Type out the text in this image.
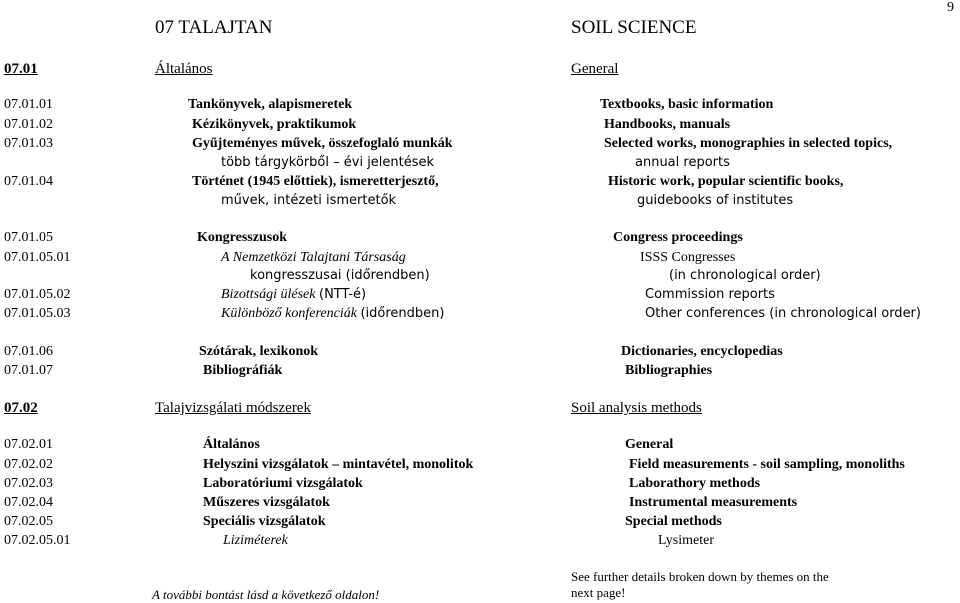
9
07 TALAJTAN	SOIL SCIENCE
07.01	Általános	General
07.01.01	Tankönyvek, alapismeretek	Textbooks, basic information
07.01.02	Kézikönyvek, praktikumok	Handbooks, manuals
07.01.03	Gyűjteményes művek, összefoglaló munkák	Selected works, monographies in selected topics,
több tárgykörből – évi jelentések	annual reports
07.01.04	Történet (1945 előttiek), ismeretterjesztő,	Historic work, popular scientific books,
művek, intézeti ismertetők	guidebooks of institutes
07.01.05	Kongresszusok	Congress proceedings
07.01.05.01	A Nemzetközi Talajtani Társaság	ISSS Congresses
kongresszusai (időrendben)	(in chronological order)
07.01.05.02	Bizottsági ülések (NTT-é)	Commission reports
07.01.05.03	Különböző konferenciák (időrendben)	Other conferences (in chronological order)
07.01.06	Szótárak, lexikonok	Dictionaries, encyclopedias
07.01.07	Bibliográfiák	Bibliographies
07.02	Talajvizsgálati módszerek	Soil analysis methods
07.02.01	Általános	General
07.02.02	Helyszini vizsgálatok – mintavétel, monolitok	Field measurements - soil sampling, monoliths
07.02.03	Laboratóriumi vizsgálatok	Laborathory methods
07.02.04	Műszeres vizsgálatok	Instrumental measurements
07.02.05	Speciális vizsgálatok	Special methods
07.02.05.01	Liziméterek	Lysimeter
A további bontást lásd a következő oldalon!
See further details broken down by themes on the
next page!
